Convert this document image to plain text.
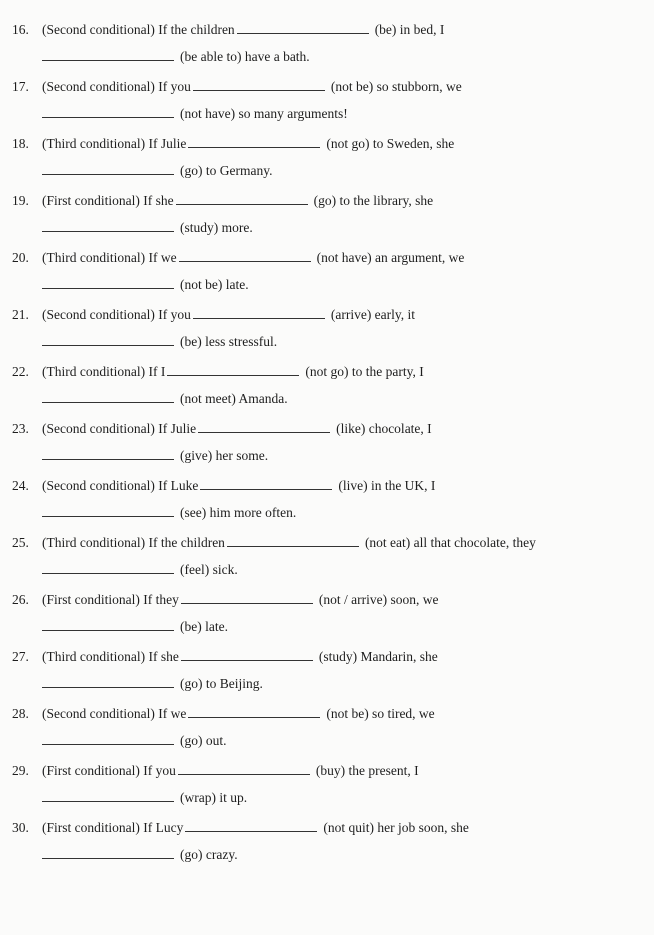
16. (Second conditional) If the children	(be) in bed, I
(be able to) have a bath.
17. (Second conditional) If you	(not be) so stubborn, we
(not have) so many arguments!
18. (Third conditional) If Julie	(not go) to Sweden, she
(go) to Germany.
19. (First conditional) If she	(go) to the library, she
(study) more.
20. (Third conditional) If we	(not have) an argument, we
(not be) late.
21. (Second conditional) If you	(arrive) early, it
(be) less stressful.
22. (Third conditional) If I	(not go) to the party, I
(not meet) Amanda.
23. (Second conditional) If Julie	(like) chocolate, I
(give) her some.
24. (Second conditional) If Luke	(live) in the UK, I
(see) him more often.
25. (Third conditional) If the children	(not eat) all that chocolate, they
(feel) sick.
26. (First conditional) If they	(not / arrive) soon, we
(be) late.
27. (Third conditional) If she	(study) Mandarin, she
(go) to Beijing.
28. (Second conditional) If we	(not be) so tired, we
(go) out.
29. (First conditional) If you	(buy) the present, I
(wrap) it up.
30. (First conditional) If Lucy	(not quit) her job soon, she
(go) crazy.
